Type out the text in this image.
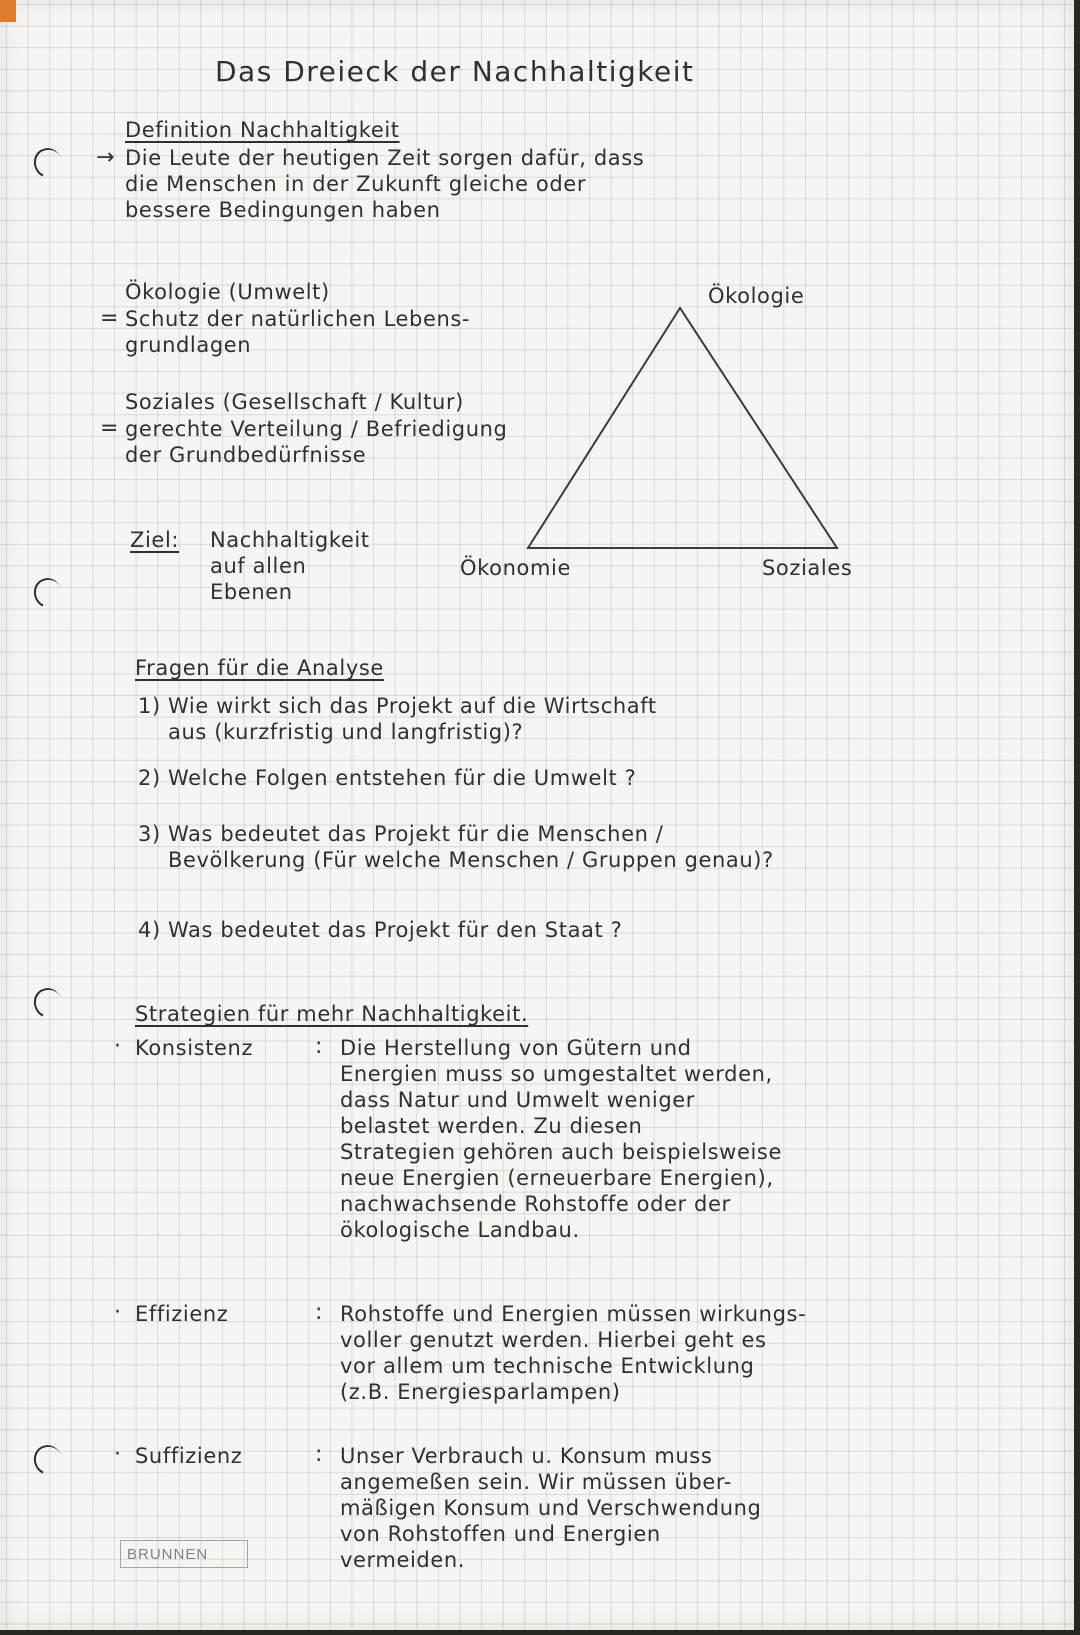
Das Dreieck der Nachhaltigkeit
Definition Nachhaltigkeit
→ Die Leute der heutigen Zeit sorgen dafür, dass
die Menschen in der Zukunft gleiche oder
bessere Bedingungen haben
Ökologie (Umwelt)
= Schutz der natürlichen Lebens-
grundlagen
Soziales (Gesellschaft / Kultur)
= gerechte Verteilung / Befriedigung
der Grundbedürfnisse
Ziel: Nachhaltigkeit
auf allen
Ebenen
Ökologie
Ökonomie	Soziales
Fragen für die Analyse
1) Wie wirkt sich das Projekt auf die Wirtschaft
aus (kurzfristig und langfristig)?
2) Welche Folgen entstehen für die Umwelt ?
3) Was bedeutet das Projekt für die Menschen /
Bevölkerung (Für welche Menschen / Gruppen genau)?
4) Was bedeutet das Projekt für den Staat ?
Strategien für mehr Nachhaltigkeit.
· Konsistenz	: Die Herstellung von Gütern und
Energien muss so umgestaltet werden,
dass Natur und Umwelt weniger
belastet werden. Zu diesen
Strategien gehören auch beispielsweise
neue Energien (erneuerbare Energien),
nachwachsende Rohstoffe oder der
ökologische Landbau.
· Effizienz	: Rohstoffe und Energien müssen wirkungs-
voller genutzt werden. Hierbei geht es
vor allem um technische Entwicklung
(z.B. Energiesparlampen)
· Suffizienz	: Unser Verbrauch u. Konsum muss
angemeßen sein. Wir müssen über-
mäßigen Konsum und Verschwendung
von Rohstoffen und Energien
vermeiden.
BRUNNEN
